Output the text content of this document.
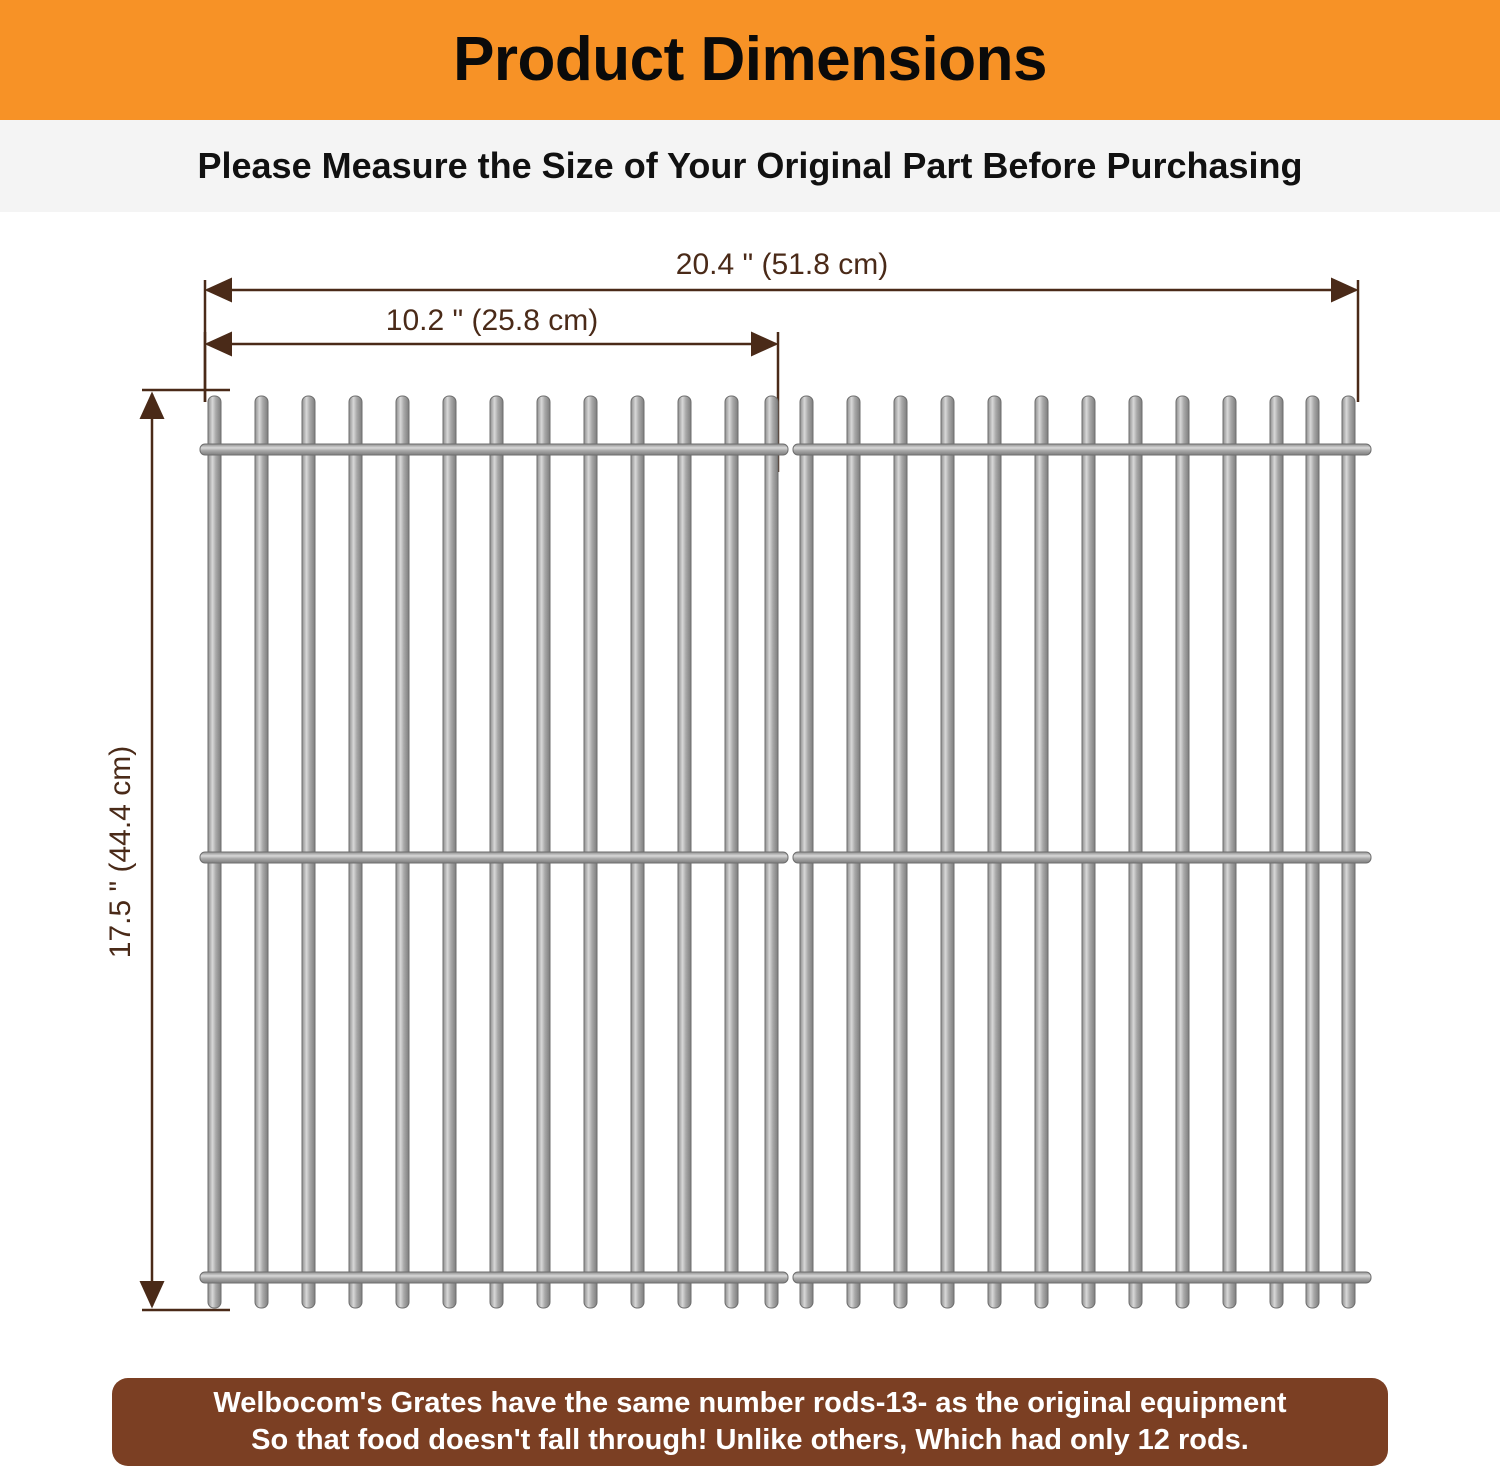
Product Dimensions
Please Measure the Size of Your Original Part Before Purchasing
20.4 " (51.8 cm)
10.2 " (25.8 cm)
17.5 " (44.4 cm)
Welbocom's Grates have the same number rods-13- as the original equipment
So that food doesn't fall through! Unlike others, Which had only 12 rods.
